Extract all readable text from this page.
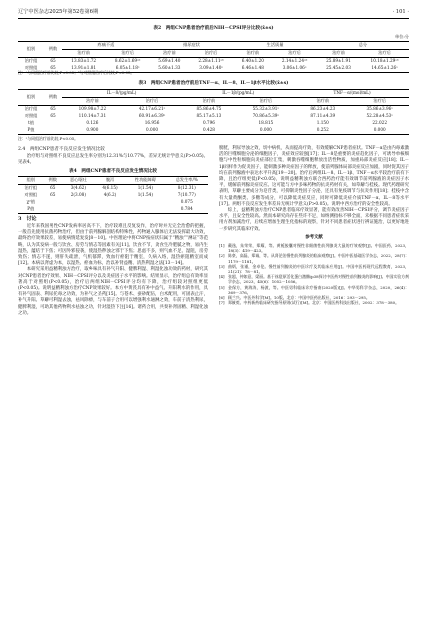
辽宁中医杂志2025年第52卷第6期	· 101 ·
表2　两组CNP患者治疗前后NIH－CPSI评分比较(x̄±s)
单位:分
组别	例数	疼痛不适		排尿症状		生活质量		总分	
		治疗前	治疗后	治疗前	治疗后	治疗前	治疗后	治疗前	治疗后
治疗组	65	13.83±1.72	8.62±1.69ᵃᵇ	5.69±1.40	2.28±1.11ᵃᵇ	6.40±1.20	2.14±1.24ᵃᵇ	25.89±1.91	10.18±1.29ᵃᵇ
对照组	65	13.91±1.81	6.05±1.18ᵃ	5.60±1.33	3.09±1.40ᵃ	6.46±1.48	3.06±1.06ᵃ	25.45±2.03	14.65±1.26ᵃ
注：ᵃ与同组治疗前比较,P<0.05；ᵇ与对照组治疗后比较,P<0.05。
表3　两组CNP患者治疗前后TNF－α、IL－8、IL－1β水平比较(x̄±s)
组别	例数	IL－8/(pg/mL)		IL－1β/(pg/mL)		TNF－α/(mol/mL)	
		治疗前	治疗后	治疗前	治疗后	治疗前	治疗后
治疗组	65	109.98±7.22	42.17±6.21ᵃ	85.86±4.75	55.32±3.91ᵃ	86.23±4.23	35.86±3.96ᵃ
对照组	65	110.14±7.31	60.91±6.39ᵃ	85.17±5.13	70.86±5.39ᵃ	87.11±4.39	52.28±4.53ᵃ
t值		0.126	16.956	0.796	18.815	1.150	22.022
P值		0.900	0.000	0.428	0.000	0.252	0.000
注：ᵃ与同组治疗前比较,P<0.05。
2.4　两组CNP患者不良反应发生情况比较

治疗组与对照组不良反应总发生率分别为12.31%与10.77%，差异无统计学意义(P>0.05)。见表4。

表4　两组CNP患者不良反应发生情况比较
组别	例数	恶心呕吐	腹泻	性功能障碍	总发生率/%
治疗组	65	3(4.62)	4(6.15)	1(1.54)	8(12.31)
对照组	65	2(3.08)	4(6.2)	1(1.54)	7(10.77)
χ²值					0.075
P值					0.784
3　讨论

近年来我国男性CNP发病率居高不下，治疗较难且反复发作，治疗时并无完全治愈的把握，一般首先使用抗菌药物治疗，但由于前列腺解剖结构特殊性，药物通入腺体后无法发挥最大功效，最终治疗效果较差，易使病情延复发[8－10]。中医理论中将CNP按症状归属于“精浊”“淋证”等范畴，认为其发病一般与饮食、房劳与情志等因素有关[11]。饮食不节，贪食生冷肥腻之物，易内生湿热，蕴结于下焦；可因外邪侵袭，使湿热秽浊之邪于下焦；思虑不多，则气血不足、湿阻，房劳致伤；情志不遂，则肝失疏泄，气机郁滞，致血行瘀阻于精室，久病入络，湿热瘀阻精室而成[12]。本病以肾虚为本，以湿热、瘀血为标，治以补肾益精、清热利湿之法[13－14]。

本研究采用益精利浊方治疗，取乡味具有补气升阳、健脾利湿、利湿化浊功效的药材，研究其对CNP患者治疗效果、NIH－CPSI评分以及炎症因子水平的影响。结果显示，治疗组总有效率显著高于对照组(P<0.05)，治疗后两组NIH－CPSI评分均有下降，治疗组较对照组更低(P<0.05)。说明益精利浊方治疗CNP效果较好。本方中黄芪具有补中益气、升阳利水的作用，具有补气固表、利尿托毒之功效，为补气之圣药[15]。与苍术、蚕砂配伍，白术配用，可固表止汗，补气升阳。草薢可利湿去浊，祛风除痹，与车前子合用可以增强利水通淋之效，车前子清热利尿，健脾利湿，可助其他药物利水祛浊之功，针对湿热下注[16]。诸药合用，共奏补肾固精、利湿化浊之功。

膀胱，利尿导浊之效，切中病机，从而提高疗效，有效缓解CNP患者症状。TNF－α是由内毒素激活的巨噬细胞分泌的细胞因子，炎症效应较强[17]；IL－8是重要的炎症趋化因子，可诱导单核细胞与中性粒细胞向炎症部位汇集，刺激吞噬细胞释放出活性物质，加重局部炎症反应[18]；IL－1β同样作为促炎因子，能刺激多种炎症因子的释放，使前列腺体局部炎症反应加剧，同时促其因子均在前列腺液中表达水平升高[19－20]。治疗后两组IL－8、IL－1β、TNF－α水平较治疗前有下降，且治疗组更低(P<0.05)，说明益精利浊方联合西药治疗能有效调节前列腺液的炎症因子水平，缓解前列腺炎症反应。这可能与方中多味药物的抗炎药材有关，如草薢与桂枝。现代药理研究表明，草薢主要成分为皂苷类，可抑制炎性因子分泌，还具有免疫调节与抗炎作用[18]；桂枝中含有大量黄酮类、多糖等成分，可以降低炎症反应，同时可降低炎症介质TNF－α、IL－8等水平[17]。两组不良反应发生率差异无统计学意义(P>0.05)。说明中西方治疗的安全性较高。

综上，益精利浊方治疗CNP患者临床疗效显著，能有效改善NIH－CPSI评分，调节炎症因子水平，且安全性较高。然而本研究尚存在些许不足，如纳测指标不够全面，未根据不同患者症状采用方剂加减治疗，后续应增加生理生化指标的观察，针对不同患者症状进行辨证施治，以更好地进一步研究其临床疗效。

参考文献
[1] 戴逸，朱荣荣，郑耀，等。黄栀胶囊对慢性非细菌性前列腺炎大鼠的疗效观察[J]。中国医药，2023，18(3)：419－423。
[2] 陈豪，高磊，郑诚，等。从肾论治慢性前列腺炎的临床观察[J]。中国中医基础医学杂志，2022，28(7)：1179－1181。
[3] 曲炳，张谨，金卓伦。慢性前列腺炎的中医诊疗及其临床应用[J]。中国中医药现代远程教育，2023，21(21)：78－81。
[4] 张超，仲如意，梁丽。基于丝裂原活化蛋白激酶/p38探讨中医药对慢性前列腺炎的影响[J]。中国实验方剂学杂志，2023，45(6)：1052－1056。
[5] 金保方，黄海涛，杨波，等。中医男科临床诊疗指南(2020版)[J]。中华男科学杂志，2020，26(4)：369－376。
[6] 顾兰兴。中医外科学[M]。10版。北京：中国中医药出版社，2016：293－295。
[7] 郑筱萸。中药新药临床研究指导原则(试行)[M]。北京：中国医药科技出版社，2002：378－380。
